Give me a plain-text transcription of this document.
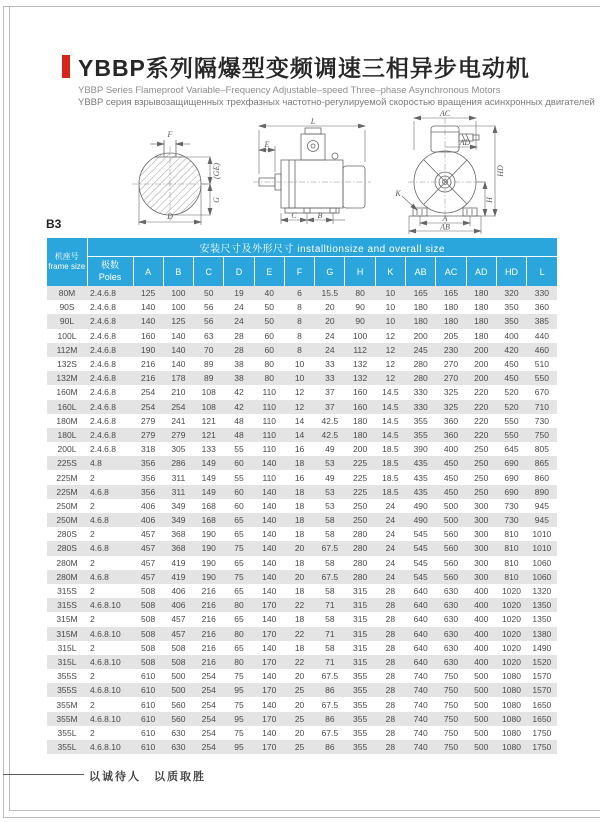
YBBP系列隔爆型变频调速三相异步电动机
YBBP Series Flameproof Variable–Frequency Adjustable–speed Three–phase Asynchronous Motors
YBBP серия взрывозащищенных трехфазных частотно-регулируемой скоростью вращения асинхронных двигателей
F
(GE)
G
D
L
E
C	B
AC
AD
HD
K
H
A
AB
B3
机座号
frame size	安装尺寸及外形尺寸 installtionsize and overall size														
	极数
Poles	A	B	C	D	E	F	G	H	K	AB	AC	AD	HD	L
80M	2.4.6.8	125	100	50	19	40	6	15.5	80	10	165	165	180	320	330
90S	2.4.6.8	140	100	56	24	50	8	20	90	10	180	180	180	350	360
90L	2.4.6.8	140	125	56	24	50	8	20	90	10	180	180	180	350	385
100L	2.4.6.8	160	140	63	28	60	8	24	100	12	200	205	180	400	440
112M	2.4.6.8	190	140	70	28	60	8	24	112	12	245	230	200	420	460
132S	2.4.6.8	216	140	89	38	80	10	33	132	12	280	270	200	450	510
132M	2.4.6.8	216	178	89	38	80	10	33	132	12	280	270	200	450	550
160M	2.4.6.8	254	210	108	42	110	12	37	160	14.5	330	325	220	520	670
160L	2.4.6.8	254	254	108	42	110	12	37	160	14.5	330	325	220	520	710
180M	2.4.6.8	279	241	121	48	110	14	42.5	180	14.5	355	360	220	550	730
180L	2.4.6.8	279	279	121	48	110	14	42.5	180	14.5	355	360	220	550	750
200L	2.4.6.8	318	305	133	55	110	16	49	200	18.5	390	400	250	645	805
225S	4.8	356	286	149	60	140	18	53	225	18.5	435	450	250	690	865
225M	2	356	311	149	55	110	16	49	225	18.5	435	450	250	690	860
225M	4.6.8	356	311	149	60	140	18	53	225	18.5	435	450	250	690	890
250M	2	406	349	168	60	140	18	53	250	24	490	500	300	730	945
250M	4.6.8	406	349	168	65	140	18	58	250	24	490	500	300	730	945
280S	2	457	368	190	65	140	18	58	280	24	545	560	300	810	1010
280S	4.6.8	457	368	190	75	140	20	67.5	280	24	545	560	300	810	1010
280M	2	457	419	190	65	140	18	58	280	24	545	560	300	810	1060
280M	4.6.8	457	419	190	75	140	20	67.5	280	24	545	560	300	810	1060
315S	2	508	406	216	65	140	18	58	315	28	640	630	400	1020	1320
315S	4.6.8.10	508	406	216	80	170	22	71	315	28	640	630	400	1020	1350
315M	2	508	457	216	65	140	18	58	315	28	640	630	400	1020	1350
315M	4.6.8.10	508	457	216	80	170	22	71	315	28	640	630	400	1020	1380
315L	2	508	508	216	65	140	18	58	315	28	640	630	400	1020	1490
315L	4.6.8.10	508	508	216	80	170	22	71	315	28	640	630	400	1020	1520
355S	2	610	500	254	75	140	20	67.5	355	28	740	750	500	1080	1570
355S	4.6.8.10	610	500	254	95	170	25	86	355	28	740	750	500	1080	1570
355M	2	610	560	254	75	140	20	67.5	355	28	740	750	500	1080	1650
355M	4.6.8.10	610	560	254	95	170	25	86	355	28	740	750	500	1080	1650
355L	2	610	630	254	75	140	20	67.5	355	28	740	750	500	1080	1750
355L	4.6.8.10	610	630	254	95	170	25	86	355	28	740	750	500	1080	1750
以诚待人　以质取胜
